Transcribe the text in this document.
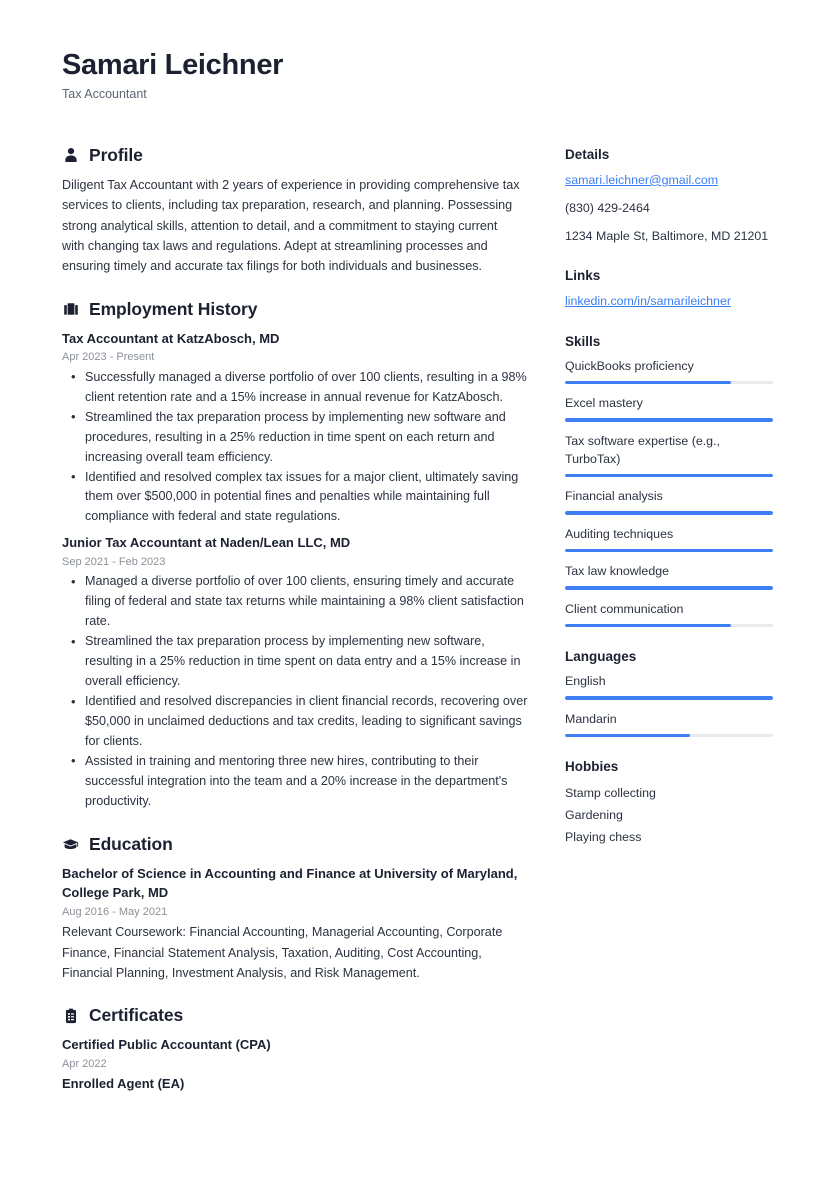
Samari Leichner
Tax Accountant
Profile
Diligent Tax Accountant with 2 years of experience in providing comprehensive tax services to clients, including tax preparation, research, and planning. Possessing strong analytical skills, attention to detail, and a commitment to staying current with changing tax laws and regulations. Adept at streamlining processes and ensuring timely and accurate tax filings for both individuals and businesses.
Employment History
Tax Accountant at KatzAbosch, MD
Apr 2023 - Present
• Successfully managed a diverse portfolio of over 100 clients, resulting in a 98% client retention rate and a 15% increase in annual revenue for KatzAbosch.
• Streamlined the tax preparation process by implementing new software and procedures, resulting in a 25% reduction in time spent on each return and increasing overall team efficiency.
• Identified and resolved complex tax issues for a major client, ultimately saving them over $500,000 in potential fines and penalties while maintaining full compliance with federal and state regulations.
Junior Tax Accountant at Naden/Lean LLC, MD
Sep 2021 - Feb 2023
• Managed a diverse portfolio of over 100 clients, ensuring timely and accurate filing of federal and state tax returns while maintaining a 98% client satisfaction rate.
• Streamlined the tax preparation process by implementing new software, resulting in a 25% reduction in time spent on data entry and a 15% increase in overall efficiency.
• Identified and resolved discrepancies in client financial records, recovering over $50,000 in unclaimed deductions and tax credits, leading to significant savings for clients.
• Assisted in training and mentoring three new hires, contributing to their successful integration into the team and a 20% increase in the department's productivity.
Education
Bachelor of Science in Accounting and Finance at University of Maryland, College Park, MD
Aug 2016 - May 2021
Relevant Coursework: Financial Accounting, Managerial Accounting, Corporate Finance, Financial Statement Analysis, Taxation, Auditing, Cost Accounting, Financial Planning, Investment Analysis, and Risk Management.
Certificates
Certified Public Accountant (CPA)
Apr 2022
Enrolled Agent (EA)
Details
samari.leichner@gmail.com
(830) 429-2464
1234 Maple St, Baltimore, MD 21201
Links
linkedin.com/in/samarileichner
Skills
QuickBooks proficiency
Excel mastery
Tax software expertise (e.g., TurboTax)
Financial analysis
Auditing techniques
Tax law knowledge
Client communication
Languages
English
Mandarin
Hobbies
Stamp collecting
Gardening
Playing chess
